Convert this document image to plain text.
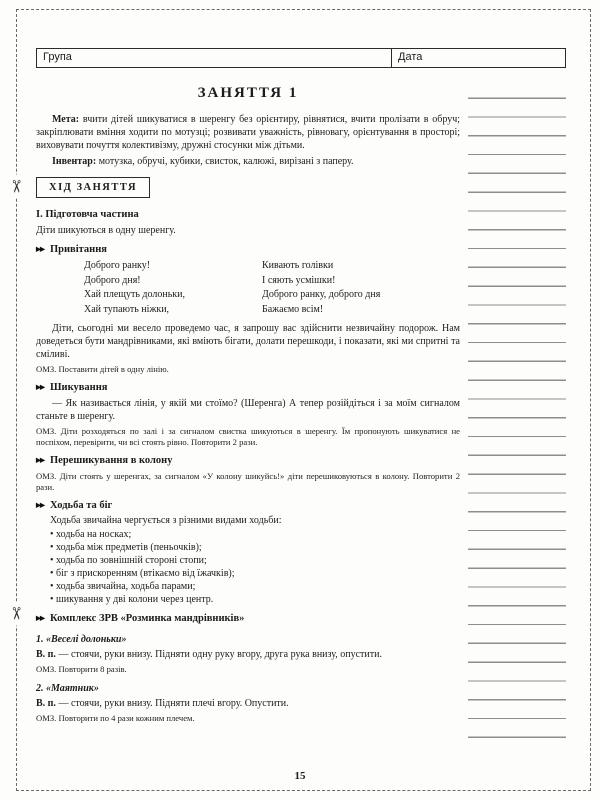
✂
✂
Група	Дата
ЗАНЯТТЯ 1

Мета: вчити дітей шикуватися в шеренгу без орієнтиру, рівнятися, вчити пролізати в обруч; закріплювати вміння ходити по мотузці; розвивати уважність, рівновагу, орієнтування в просторі; виховувати почуття колективізму, дружні стосунки між дітьми.

Інвентар: мотузка, обручі, кубики, свисток, калюжі, вирізані з паперу.

ХІД ЗАНЯТТЯ
I. Підготовча частина

Діти шикуються в одну шеренгу.

▶▶ Привітання
Доброго ранку!
Доброго дня!
Хай плещуть долоньки,
Хай тупають ніжки,
Кивають голівки
І сяють усмішки!
Доброго ранку, доброго дня
Бажаємо всім!

Діти, сьогодні ми весело проведемо час, я запрошу вас здійснити незвичайну подорож. Нам доведеться бути мандрівниками, які вміють бігати, долати перешкоди, і показати, які ми спритні та сміливі.

ОМЗ. Поставити дітей в одну лінію.

▶▶ Шикування

— Як називається лінія, у якій ми стоїмо? (Шеренга) А тепер розійдіться і за моїм сигналом станьте в шеренгу.

ОМЗ. Діти розходяться по залі і за сигналом свистка шикуються в шеренгу. Їм пропонують шикуватися не поспіхом, перевірити, чи всі стоять рівно. Повторити 2 рази.

▶▶ Перешикування в колону

ОМЗ. Діти стоять у шеренгах, за сигналом «У колону шикуйсь!» діти перешиковуються в колону. Повторити 2 рази.

▶▶ Ходьба та біг

Ходьба звичайна чергується з різними видами ходьби:

• ходьба на носках;
• ходьба між предметів (пеньочків);
• ходьба по зовнішній стороні стопи;
• біг з прискоренням (втікаємо від їжачків);
• ходьба звичайна, ходьба парами;
• шикування у дві колони через центр.
▶▶ Комплекс ЗРВ «Розминка мандрівників»
1. «Веселі долоньки»

В. п. — стоячи, руки внизу. Підняти одну руку вгору, друга рука внизу, опустити.

ОМЗ. Повторити 8 разів.

2. «Маятник»

В. п. — стоячи, руки внизу. Підняти плечі вгору. Опустити.

ОМЗ. Повторити по 4 рази кожним плечем.

15
